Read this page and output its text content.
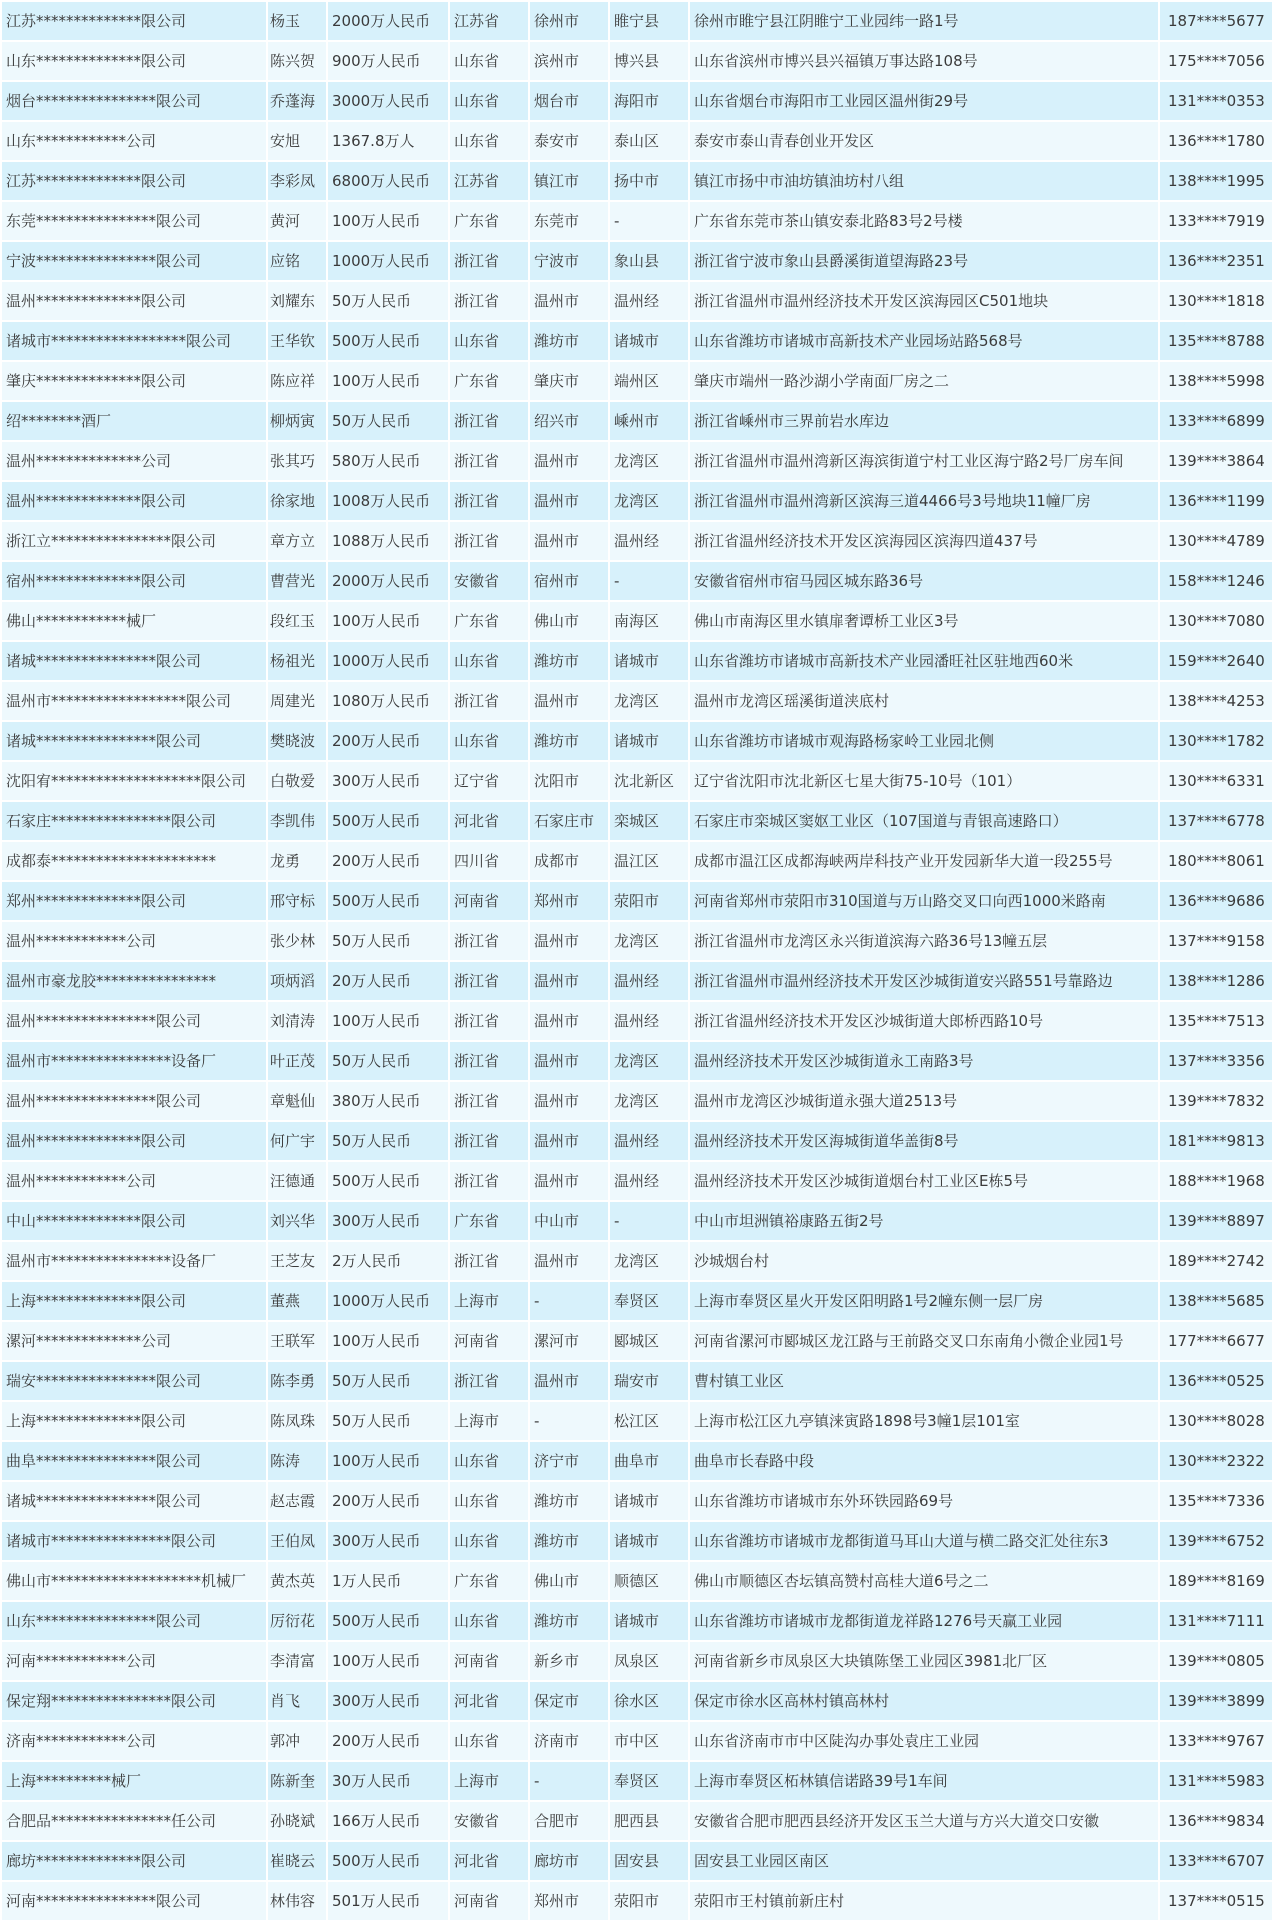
江苏**************限公司	杨玉	2000万人民币	江苏省	徐州市	睢宁县	徐州市睢宁县江阴睢宁工业园纬一路1号	187****5677
山东**************限公司	陈兴贺	900万人民币	山东省	滨州市	博兴县	山东省滨州市博兴县兴福镇万事达路108号	175****7056
烟台****************限公司	乔蓬海	3000万人民币	山东省	烟台市	海阳市	山东省烟台市海阳市工业园区温州街29号	131****0353
山东************公司	安旭	1367.8万人	山东省	泰安市	泰山区	泰安市泰山青春创业开发区	136****1780
江苏**************限公司	李彩凤	6800万人民币	江苏省	镇江市	扬中市	镇江市扬中市油坊镇油坊村八组	138****1995
东莞****************限公司	黄河	100万人民币	广东省	东莞市	-	广东省东莞市茶山镇安泰北路83号2号楼	133****7919
宁波****************限公司	应铭	1000万人民币	浙江省	宁波市	象山县	浙江省宁波市象山县爵溪街道望海路23号	136****2351
温州**************限公司	刘耀东	50万人民币	浙江省	温州市	温州经	浙江省温州市温州经济技术开发区滨海园区C501地块	130****1818
诸城市******************限公司	王华钦	500万人民币	山东省	潍坊市	诸城市	山东省潍坊市诸城市高新技术产业园场站路568号	135****8788
肇庆**************限公司	陈应祥	100万人民币	广东省	肇庆市	端州区	肇庆市端州一路沙湖小学南面厂房之二	138****5998
绍********酒厂	柳炳寅	50万人民币	浙江省	绍兴市	嵊州市	浙江省嵊州市三界前岩水库边	133****6899
温州**************公司	张其巧	580万人民币	浙江省	温州市	龙湾区	浙江省温州市温州湾新区海滨街道宁村工业区海宁路2号厂房车间	139****3864
温州**************限公司	徐家地	1008万人民币	浙江省	温州市	龙湾区	浙江省温州市温州湾新区滨海三道4466号3号地块11幢厂房	136****1199
浙江立****************限公司	章方立	1088万人民币	浙江省	温州市	温州经	浙江省温州经济技术开发区滨海园区滨海四道437号	130****4789
宿州**************限公司	曹营光	2000万人民币	安徽省	宿州市	-	安徽省宿州市宿马园区城东路36号	158****1246
佛山************械厂	段红玉	100万人民币	广东省	佛山市	南海区	佛山市南海区里水镇扉奢谭桥工业区3号	130****7080
诸城****************限公司	杨祖光	1000万人民币	山东省	潍坊市	诸城市	山东省潍坊市诸城市高新技术产业园潘旺社区驻地西60米	159****2640
温州市******************限公司	周建光	1080万人民币	浙江省	温州市	龙湾区	温州市龙湾区瑶溪街道浃底村	138****4253
诸城****************限公司	樊晓波	200万人民币	山东省	潍坊市	诸城市	山东省潍坊市诸城市观海路杨家岭工业园北侧	130****1782
沈阳宥********************限公司	白敬爱	300万人民币	辽宁省	沈阳市	沈北新区	辽宁省沈阳市沈北新区七星大街75-10号（101）	130****6331
石家庄****************限公司	李凯伟	500万人民币	河北省	石家庄市	栾城区	石家庄市栾城区窦妪工业区（107国道与青银高速路口）	137****6778
成都泰**********************	龙勇	200万人民币	四川省	成都市	温江区	成都市温江区成都海峡两岸科技产业开发园新华大道一段255号	180****8061
郑州**************限公司	邢守标	500万人民币	河南省	郑州市	荥阳市	河南省郑州市荥阳市310国道与万山路交叉口向西1000米路南	136****9686
温州************公司	张少林	50万人民币	浙江省	温州市	龙湾区	浙江省温州市龙湾区永兴街道滨海六路36号13幢五层	137****9158
温州市豪龙胶****************	项炳滔	20万人民币	浙江省	温州市	温州经	浙江省温州市温州经济技术开发区沙城街道安兴路551号靠路边	138****1286
温州****************限公司	刘清涛	100万人民币	浙江省	温州市	温州经	浙江省温州经济技术开发区沙城街道大郎桥西路10号	135****7513
温州市****************设备厂	叶正茂	50万人民币	浙江省	温州市	龙湾区	温州经济技术开发区沙城街道永工南路3号	137****3356
温州****************限公司	章魁仙	380万人民币	浙江省	温州市	龙湾区	温州市龙湾区沙城街道永强大道2513号	139****7832
温州**************限公司	何广宇	50万人民币	浙江省	温州市	温州经	温州经济技术开发区海城街道华盖街8号	181****9813
温州************公司	汪德通	500万人民币	浙江省	温州市	温州经	温州经济技术开发区沙城街道烟台村工业区E栋5号	188****1968
中山**************限公司	刘兴华	300万人民币	广东省	中山市	-	中山市坦洲镇裕康路五街2号	139****8897
温州市****************设备厂	王芝友	2万人民币	浙江省	温州市	龙湾区	沙城烟台村	189****2742
上海**************限公司	董燕	1000万人民币	上海市	-	奉贤区	上海市奉贤区星火开发区阳明路1号2幢东侧一层厂房	138****5685
漯河**************公司	王联军	100万人民币	河南省	漯河市	郾城区	河南省漯河市郾城区龙江路与王前路交叉口东南角小微企业园1号	177****6677
瑞安****************限公司	陈李勇	50万人民币	浙江省	温州市	瑞安市	曹村镇工业区	136****0525
上海**************限公司	陈凤珠	50万人民币	上海市	-	松江区	上海市松江区九亭镇涞寅路1898号3幢1层101室	130****8028
曲阜****************限公司	陈涛	100万人民币	山东省	济宁市	曲阜市	曲阜市长春路中段	130****2322
诸城****************限公司	赵志霞	200万人民币	山东省	潍坊市	诸城市	山东省潍坊市诸城市东外环铁园路69号	135****7336
诸城市****************限公司	王伯凤	300万人民币	山东省	潍坊市	诸城市	山东省潍坊市诸城市龙都街道马耳山大道与横二路交汇处往东3	139****6752
佛山市********************机械厂	黄杰英	1万人民币	广东省	佛山市	顺德区	佛山市顺德区杏坛镇高赞村高桂大道6号之二	189****8169
山东****************限公司	厉衍花	500万人民币	山东省	潍坊市	诸城市	山东省潍坊市诸城市龙都街道龙祥路1276号天赢工业园	131****7111
河南************公司	李清富	100万人民币	河南省	新乡市	凤泉区	河南省新乡市凤泉区大块镇陈堡工业园区3981北厂区	139****0805
保定翔****************限公司	肖飞	300万人民币	河北省	保定市	徐水区	保定市徐水区高林村镇高林村	139****3899
济南************公司	郭冲	200万人民币	山东省	济南市	市中区	山东省济南市市中区陡沟办事处袁庄工业园	133****9767
上海**********械厂	陈新奎	30万人民币	上海市	-	奉贤区	上海市奉贤区柘林镇信诺路39号1车间	131****5983
合肥品****************任公司	孙晓斌	166万人民币	安徽省	合肥市	肥西县	安徽省合肥市肥西县经济开发区玉兰大道与方兴大道交口安徽	136****9834
廊坊**************限公司	崔晓云	500万人民币	河北省	廊坊市	固安县	固安县工业园区南区	133****6707
河南****************限公司	林伟容	501万人民币	河南省	郑州市	荥阳市	荥阳市王村镇前新庄村	137****0515
